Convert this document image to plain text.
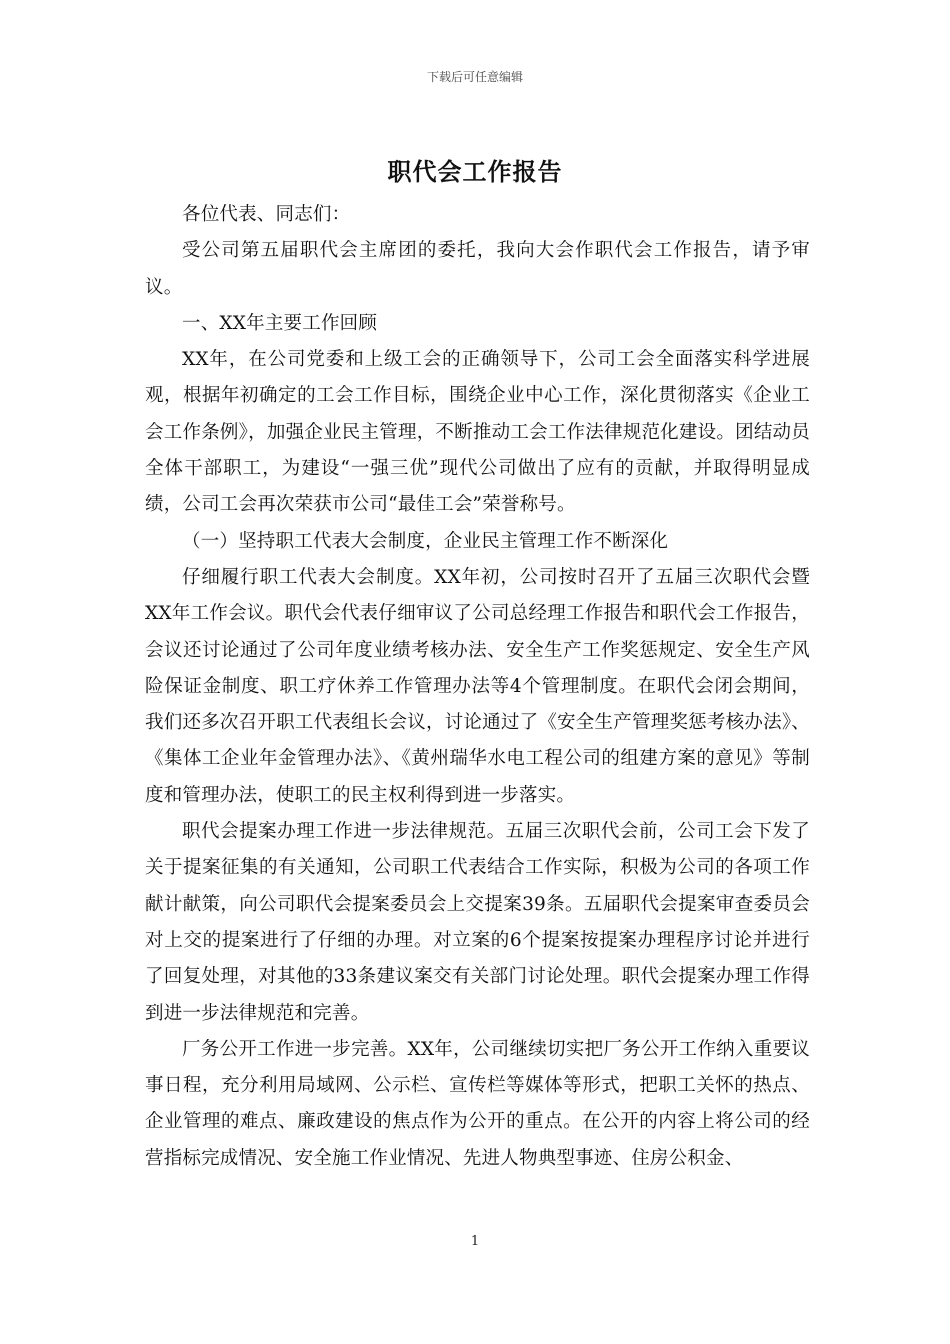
下载后可任意编辑
职代会工作报告

各位代表、同志们：

受公司第五届职代会主席团的委托，我向大会作职代会工作报告，请予审议。

一、XX年主要工作回顾

XX年，在公司党委和上级工会的正确领导下，公司工会全面落实科学进展观，根据年初确定的工会工作目标，围绕企业中心工作，深化贯彻落实《企业工会工作条例》，加强企业民主管理，不断推动工会工作法律规范化建设。团结动员全体干部职工，为建设“一强三优”现代公司做出了应有的贡献，并取得明显成绩，公司工会再次荣获市公司“最佳工会”荣誉称号。

（一）坚持职工代表大会制度，企业民主管理工作不断深化

仔细履行职工代表大会制度。XX年初，公司按时召开了五届三次职代会暨XX年工作会议。职代会代表仔细审议了公司总经理工作报告和职代会工作报告，会议还讨论通过了公司年度业绩考核办法、安全生产工作奖惩规定、安全生产风险保证金制度、职工疗休养工作管理办法等4个管理制度。在职代会闭会期间，我们还多次召开职工代表组长会议，讨论通过了《安全生产管理奖惩考核办法》、《集体工企业年金管理办法》、《黄州瑞华水电工程公司的组建方案的意见》等制度和管理办法，使职工的民主权利得到进一步落实。

职代会提案办理工作进一步法律规范。五届三次职代会前，公司工会下发了关于提案征集的有关通知，公司职工代表结合工作实际，积极为公司的各项工作献计献策，向公司职代会提案委员会上交提案39条。五届职代会提案审查委员会对上交的提案进行了仔细的办理。对立案的6个提案按提案办理程序讨论并进行了回复处理，对其他的33条建议案交有关部门讨论处理。职代会提案办理工作得到进一步法律规范和完善。

厂务公开工作进一步完善。XX年，公司继续切实把厂务公开工作纳入重要议事日程，充分利用局域网、公示栏、宣传栏等媒体等形式，把职工关怀的热点、企业管理的难点、廉政建设的焦点作为公开的重点。在公开的内容上将公司的经营指标完成情况、安全施工作业情况、先进人物典型事迹、住房公积金、

1
